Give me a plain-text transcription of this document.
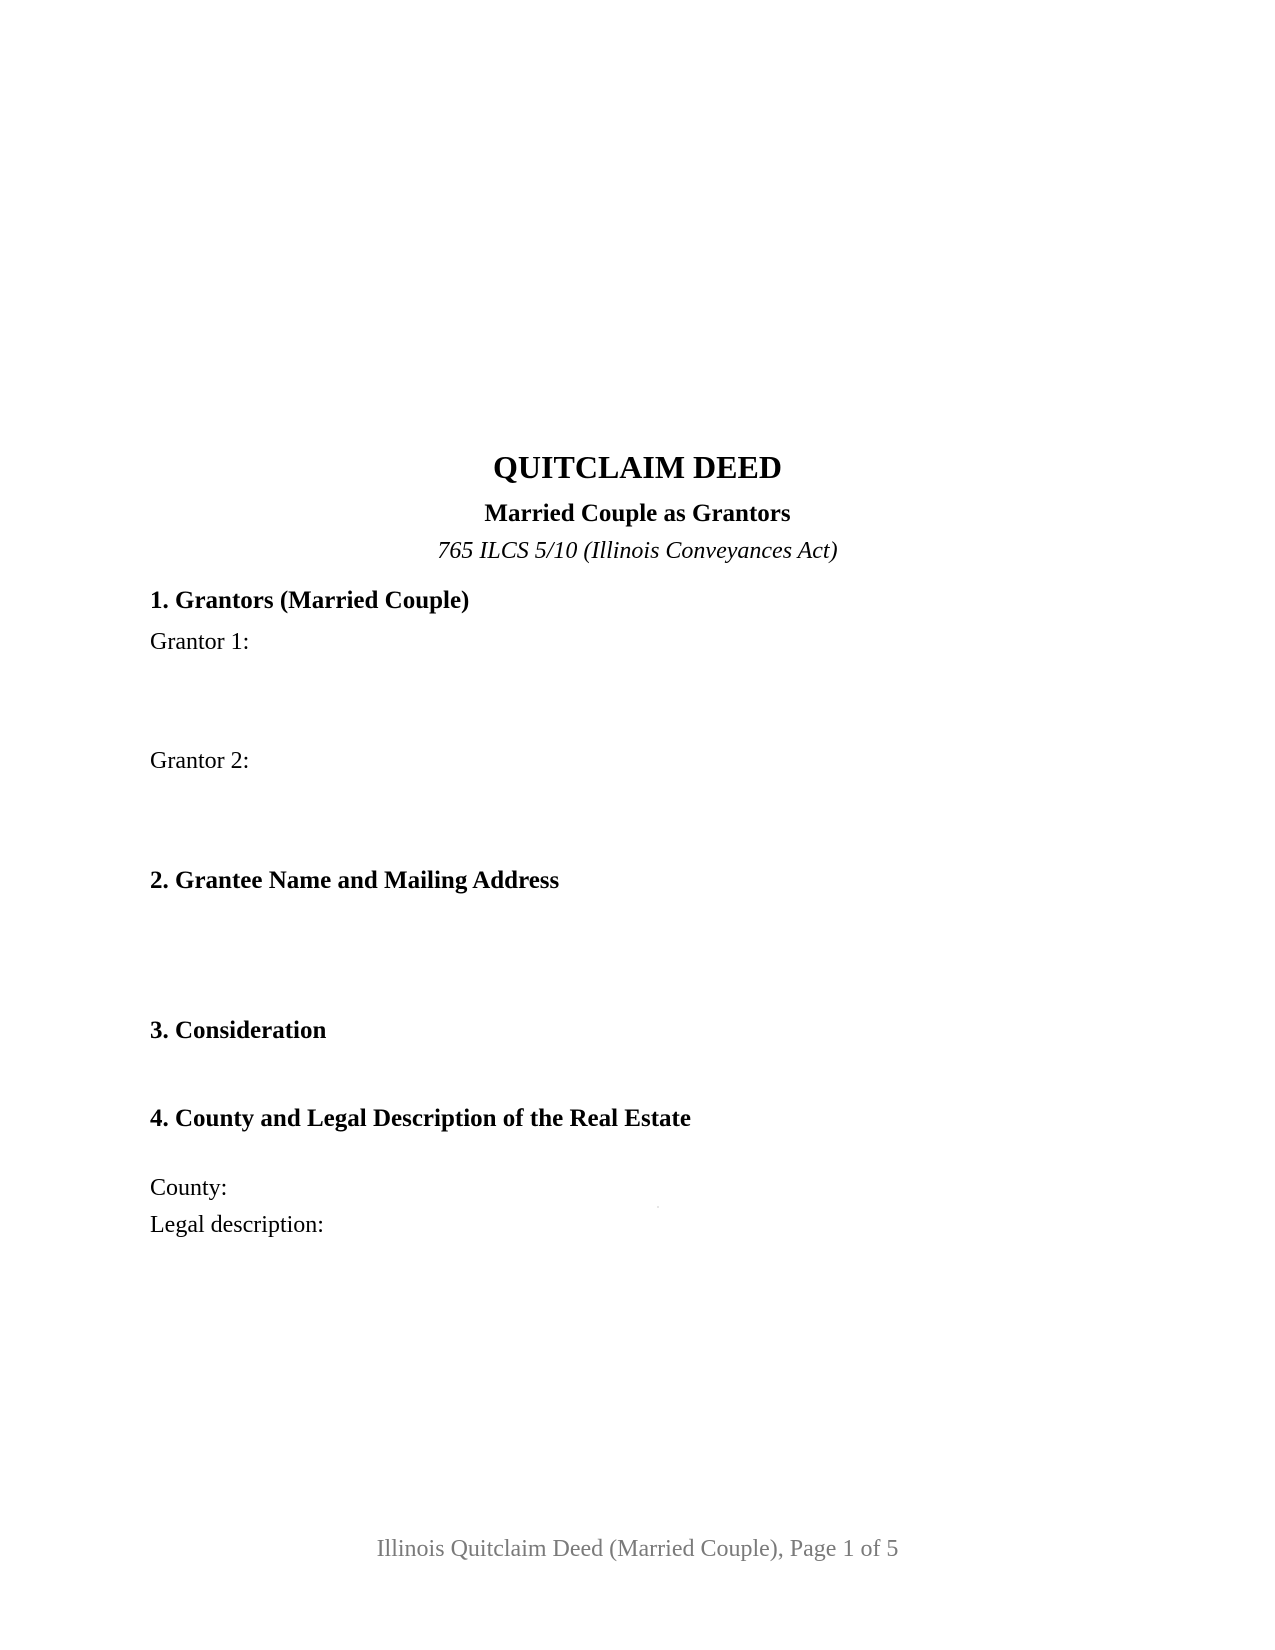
QUITCLAIM DEED
Married Couple as Grantors
765 ILCS 5/10 (Illinois Conveyances Act)
1. Grantors (Married Couple)
Grantor 1:
Grantor 2:
2. Grantee Name and Mailing Address
3. Consideration
4. County and Legal Description of the Real Estate
County:
Legal description:
Illinois Quitclaim Deed (Married Couple), Page 1 of 5
